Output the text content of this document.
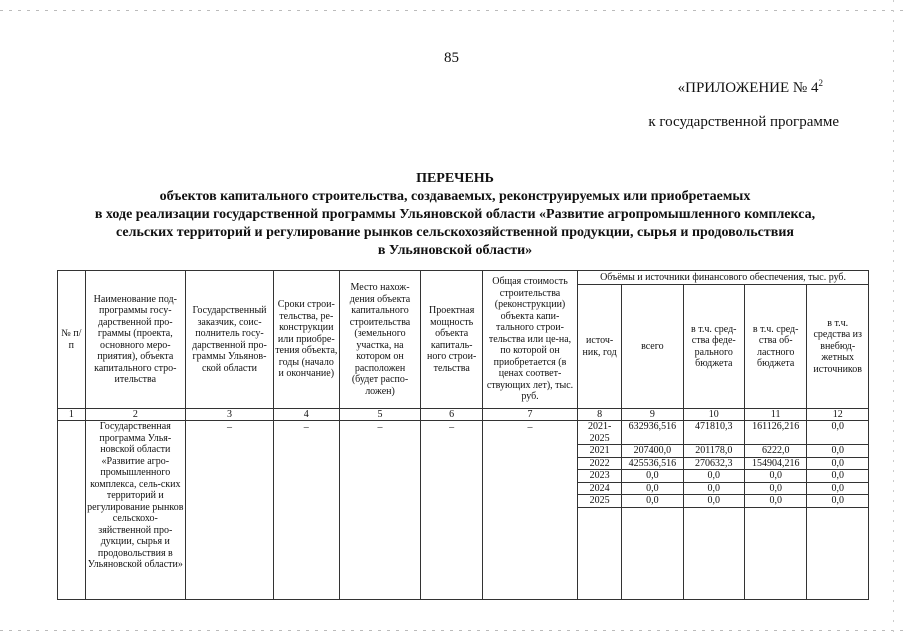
85
«ПРИЛОЖЕНИЕ № $4^2$
к государственной программе
ПЕРЕЧЕНЬ
объектов капитального строительства, создаваемых, реконструируемых или приобретаемых
в ходе реализации государственной программы Ульяновской области «Развитие агропромышленного комплекса,
сельских территорий и регулирование рынков сельскохозяйственной продукции, сырья и продовольствия
в Ульяновской области»
№ п/п	Наименование под-программы госу-дарственной про-граммы (проекта, основного меро-приятия), объекта капитального стро-ительства	Государственный заказчик, соис-полнитель госу-дарственной про-граммы Ульянов-ской области	Сроки строи-тельства, ре-конструкции или приобре-тения объекта, годы (начало и окончание)	Место нахож-дения объекта капитального строительства (земельного участка, на котором он расположен (будет распо-ложен)	Проектная мощность объекта капиталь-ного строи-тельства	Общая стоимость строительства (реконструкции) объекта капи-тального строи-тельства или це-на, по которой он приобретается (в ценах соответ-ствующих лет), тыс. руб.	Объёмы и источники финансового обеспечения, тыс. руб.				
							источ-ник, год	всего	в т.ч. сред-ства феде-рального бюджета	в т.ч. сред-ства об-ластного бюджета	в т.ч. средства из внебюд-жетных источников
1	2	3	4	5	6	7	8	9	10	11	12
	Государственная программа Улья-новской области «Развитие агро-промышленного комплекса, сель-ских территорий и регулирование рынков сельскохо-зяйственной про-дукции, сырья и продовольствия в Ульяновской области»	–	–	–	–	–	2021-2025	632936,516	471810,3	161126,216	0,0
							2021	207400,0	201178,0	6222,0	0,0
							2022	425536,516	270632,3	154904,216	0,0
							2023	0,0	0,0	0,0	0,0
							2024	0,0	0,0	0,0	0,0
							2025	0,0	0,0	0,0	0,0
